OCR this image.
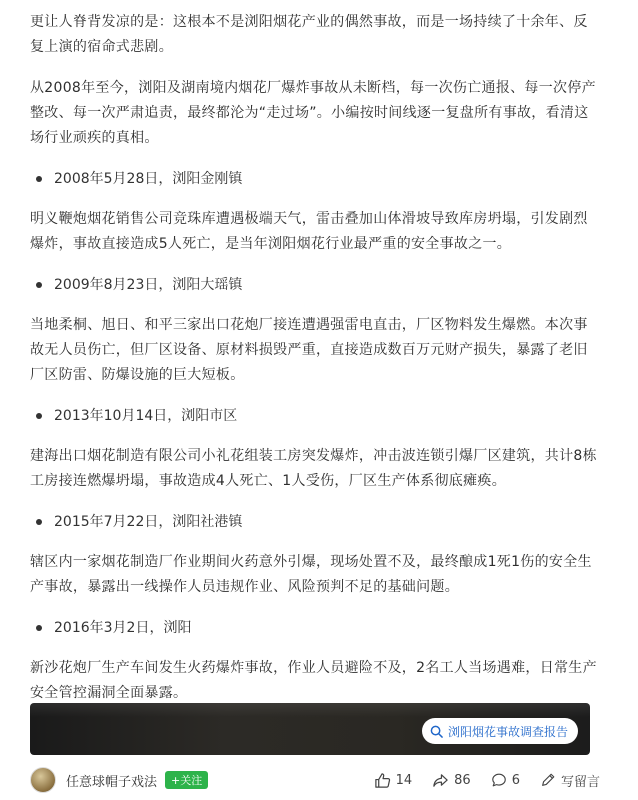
更让人脊背发凉的是：这根本不是浏阳烟花产业的偶然事故，而是一场持续了十余年、反复上演的宿命式悲剧。

从2008年至今，浏阳及湖南境内烟花厂爆炸事故从未断档，每一次伤亡通报、每一次停产整改、每一次严肃追责，最终都沦为“走过场”。小编按时间线逐一复盘所有事故，看清这场行业顽疾的真相。

2008年5月28日，浏阳金刚镇

明义鞭炮烟花销售公司竞珠库遭遇极端天气，雷击叠加山体滑坡导致库房坍塌，引发剧烈爆炸，事故直接造成5人死亡，是当年浏阳烟花行业最严重的安全事故之一。

2009年8月23日，浏阳大瑶镇

当地柔桐、旭日、和平三家出口花炮厂接连遭遇强雷电直击，厂区物料发生爆燃。本次事故无人员伤亡，但厂区设备、原材料损毁严重，直接造成数百万元财产损失，暴露了老旧厂区防雷、防爆设施的巨大短板。

2013年10月14日，浏阳市区

建海出口烟花制造有限公司小礼花组装工房突发爆炸，冲击波连锁引爆厂区建筑，共计8栋工房接连燃爆坍塌，事故造成4人死亡、1人受伤，厂区生产体系彻底瘫痪。

2015年7月22日，浏阳社港镇

辖区内一家烟花制造厂作业期间火药意外引爆，现场处置不及，最终酿成1死1伤的安全生产事故，暴露出一线操作人员违规作业、风险预判不足的基础问题。

2016年3月2日，浏阳

新沙花炮厂生产车间发生火药爆炸事故，作业人员避险不及，2名工人当场遇难，日常生产安全管控漏洞全面暴露。

浏阳烟花事故调查报告
任意球帽子戏法	+关注	14	86	6	写留言
